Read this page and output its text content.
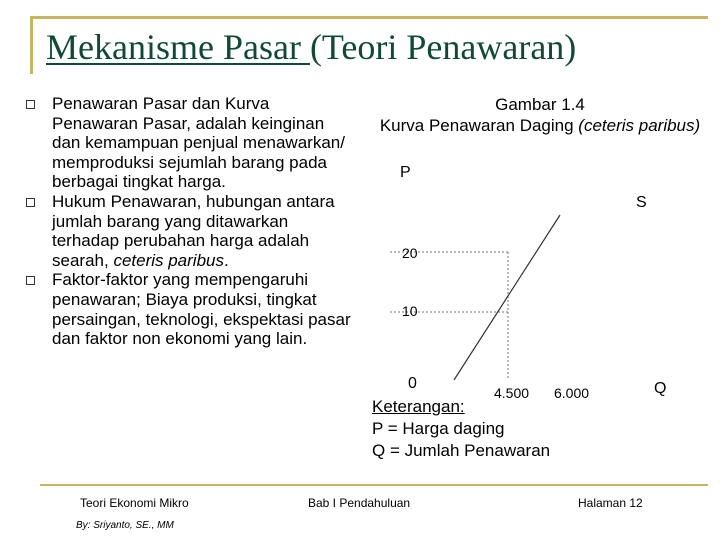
Mekanisme Pasar (Teori Penawaran)
Penawaran Pasar dan Kurva Penawaran Pasar, adalah keinginan dan kemampuan penjual menawarkan/ memproduksi sejumlah barang pada berbagai tingkat harga.
Hukum Penawaran, hubungan antara jumlah barang yang ditawarkan terhadap perubahan harga adalah searah, ceteris paribus.
Faktor-faktor yang mempengaruhi penawaran; Biaya produksi, tingkat persaingan, teknologi, ekspektasi pasar dan faktor non ekonomi yang lain.
Gambar 1.4
Kurva Penawaran Daging (ceteris paribus)
P
S
20
10
0
4.500 6.000	Q
Keterangan:
P = Harga daging
Q = Jumlah Penawaran
Teori Ekonomi Mikro
By: Sriyanto, SE., MM
Bab I Pendahuluan	Halaman 12
